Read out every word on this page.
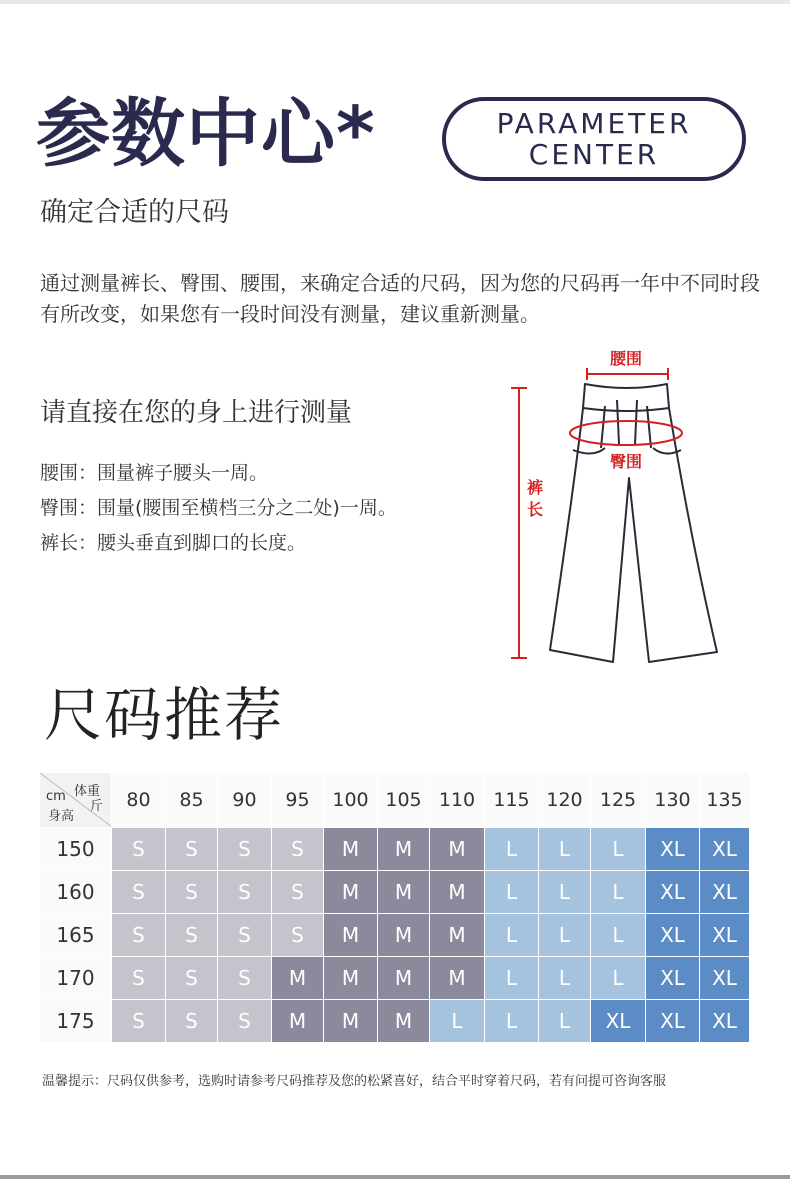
参数中心*	PARAMETER
CENTER
确定合适的尺码
通过测量裤长、臀围、腰围，来确定合适的尺码，因为您的尺码再一年中不同时段有所改变，如果您有一段时间没有测量，建议重新测量。
请直接在您的身上进行测量
腰围：围量裤子腰头一周。
臀围：围量(腰围至横档三分之二处)一周。
裤长：腰头垂直到脚口的长度。
腰围
裤
长
臀围
尺码推荐
体重
斤
cm
身高	80	85	90	95	100	105	110	115	120	125	130	135
150	S	S	S	S	M	M	M	L	L	L	XL	XL
160	S	S	S	S	M	M	M	L	L	L	XL	XL
165	S	S	S	S	M	M	M	L	L	L	XL	XL
170	S	S	S	M	M	M	M	L	L	L	XL	XL
175	S	S	S	M	M	M	L	L	L	XL	XL	XL
温馨提示：尺码仅供参考，选购时请参考尺码推荐及您的松紧喜好，结合平时穿着尺码，若有问提可咨询客服
